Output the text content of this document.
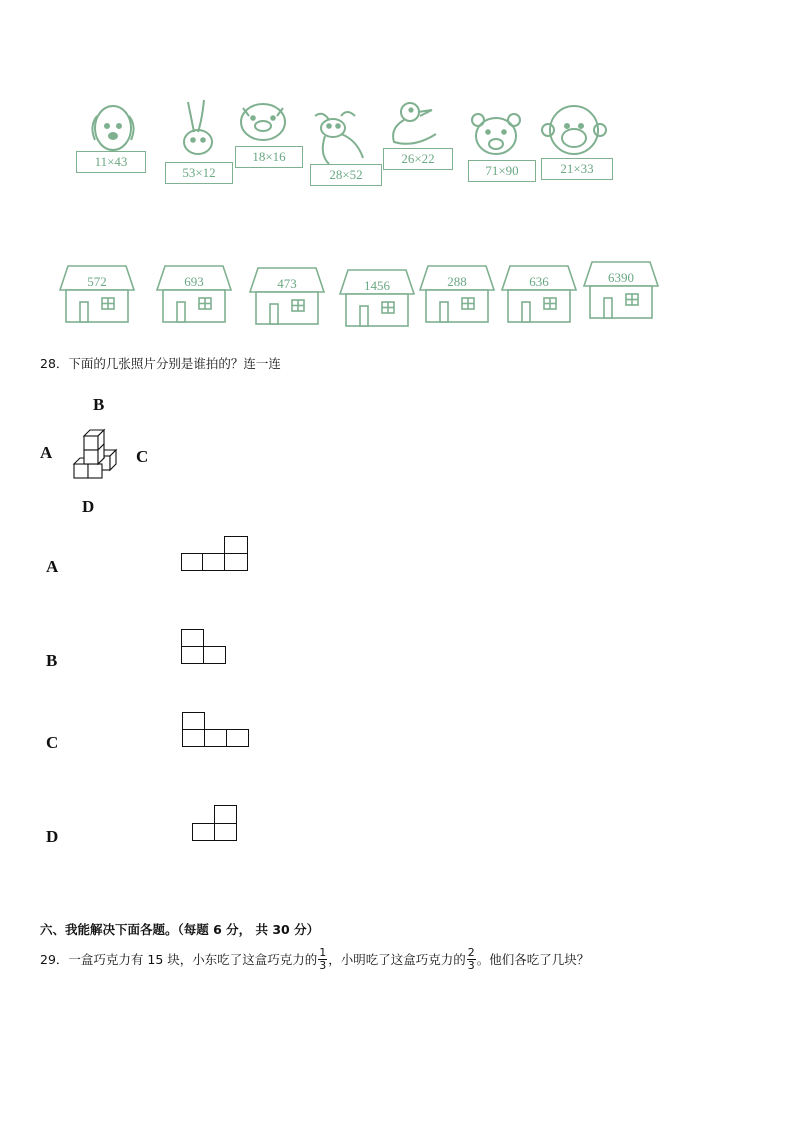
11×43
53×12
18×16
28×52
26×22
71×90	21×33
572	693	473	1456	288	636	6390
28．下面的几张照片分别是谁拍的？连一连
B
A	C
D
A
B
C
D
六、我能解决下面各题。（每题 6 分， 共 30 分）
29．一盒巧克力有 15 块，小东吃了这盒巧克力的 $\frac{1}{3}$ ，小明吃了这盒巧克力的 $\frac{2}{3}$ 。他们各吃了几块？
